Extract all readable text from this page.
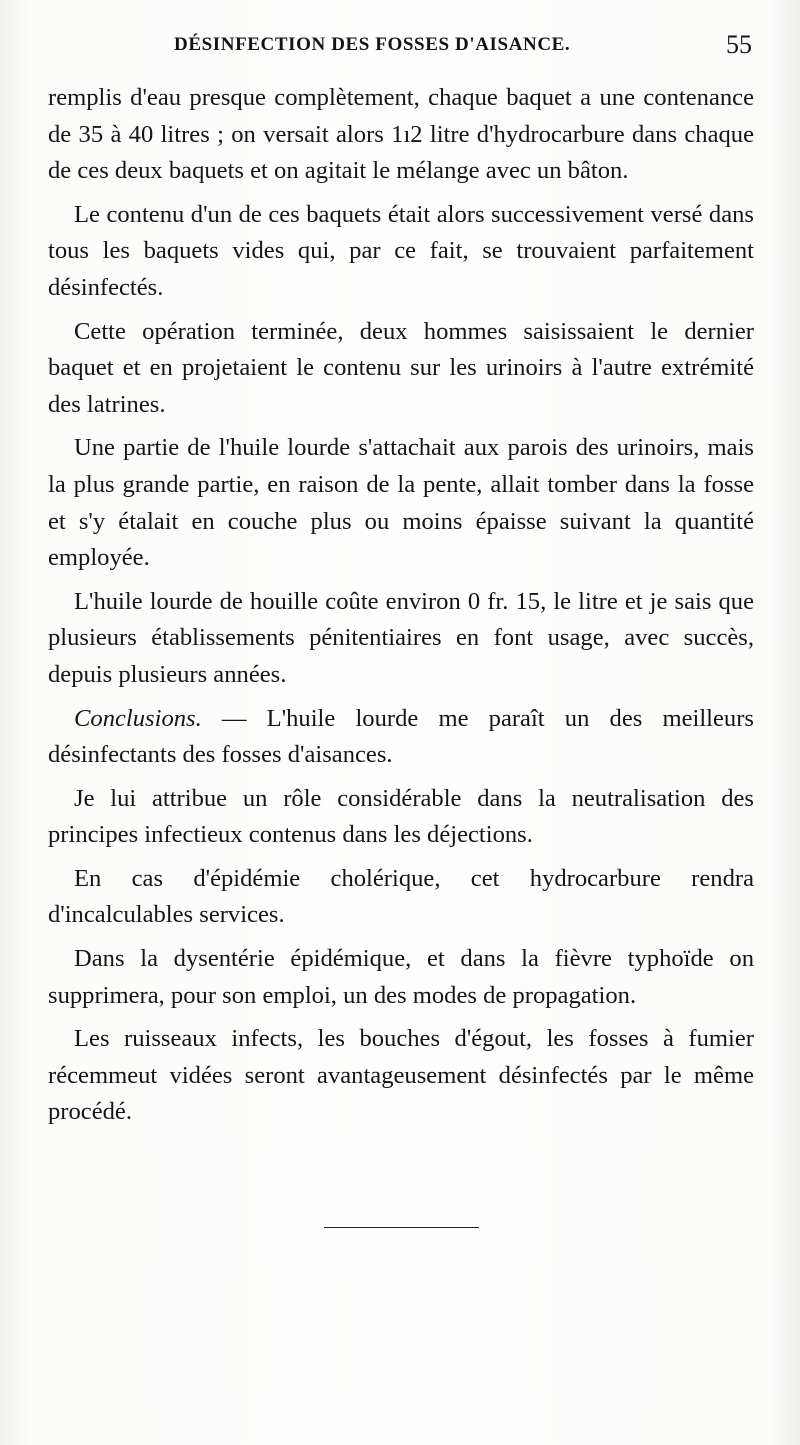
DÉSINFECTION DES FOSSES D'AISANCE.	55

remplis d'eau presque complètement, chaque baquet a une contenance de 35 à 40 litres ; on versait alors 1ı2 litre d'hydrocarbure dans chaque de ces deux baquets et on agitait le mélange avec un bâton.

Le contenu d'un de ces baquets était alors successivement versé dans tous les baquets vides qui, par ce fait, se trouvaient parfaitement désinfectés.

Cette opération terminée, deux hommes saisissaient le dernier baquet et en projetaient le contenu sur les urinoirs à l'autre extrémité des latrines.

Une partie de l'huile lourde s'attachait aux parois des urinoirs, mais la plus grande partie, en raison de la pente, allait tomber dans la fosse et s'y étalait en couche plus ou moins épaisse suivant la quantité employée.

L'huile lourde de houille coûte environ 0 fr. 15, le litre et je sais que plusieurs établissements pénitentiaires en font usage, avec succès, depuis plusieurs années.

Conclusions. — L'huile lourde me paraît un des meilleurs désinfectants des fosses d'aisances.

Je lui attribue un rôle considérable dans la neutralisation des principes infectieux contenus dans les déjections.

En cas d'épidémie cholérique, cet hydrocarbure rendra d'incalculables services.

Dans la dysentérie épidémique, et dans la fièvre typhoïde on supprimera, pour son emploi, un des modes de propagation.

Les ruisseaux infects, les bouches d'égout, les fosses à fumier récemmeut vidées seront avantageusement désinfectés par le même procédé.
